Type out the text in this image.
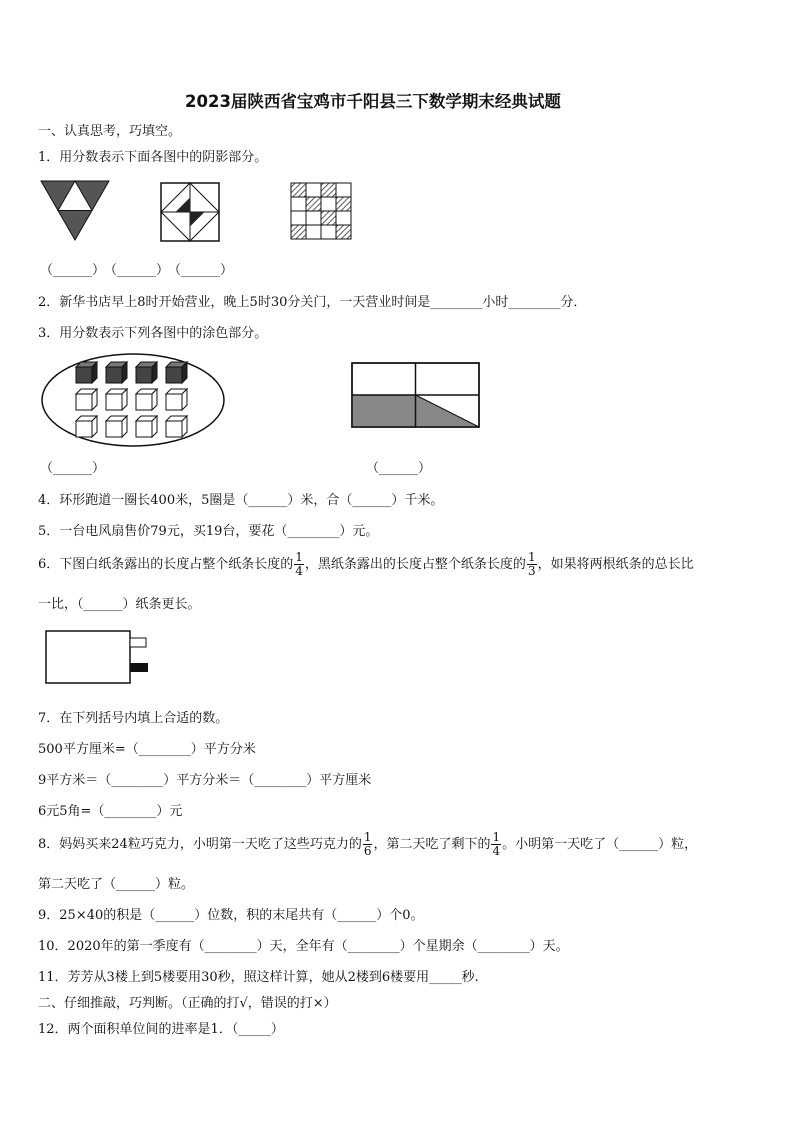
2023届陕西省宝鸡市千阳县三下数学期末经典试题
一、认真思考，巧填空。
1．用分数表示下面各图中的阴影部分。
（______）
（______）
（______）
2．新华书店早上8时开始营业，晚上5时30分关门，一天营业时间是________小时________分．
3．用分数表示下列各图中的涂色部分。
（______）	（______）
4．环形跑道一圈长400米，5圈是（______）米，合（______）千米。
5．一台电风扇售价79元，买19台，要花（________）元。
6．下图白纸条露出的长度占整个纸条长度的 $\frac{1}{4}$ ，黑纸条露出的长度占整个纸条长度的 $\frac{1}{3}$ ，如果将两根纸条的总长比
一比，（______）纸条更长。
7．在下列括号内填上合适的数。
500平方厘米=（________）平方分米
9平方米＝（________）平方分米＝（________）平方厘米
6元5角=（________）元
8．妈妈买来24粒巧克力，小明第一天吃了这些巧克力的 $\frac{1}{6}$ ，第二天吃了剩下的 $\frac{1}{4}$ 。小明第一天吃了（______）粒，
第二天吃了（______）粒。
9．25×40的积是（______）位数，积的末尾共有（______）个0。
10．2020年的第一季度有（________）天，全年有（________）个星期余（________）天。
11．芳芳从3楼上到5楼要用30秒，照这样计算，她从2楼到6楼要用_____秒.
二、仔细推敲，巧判断。（正确的打√，错误的打×）
12．两个面积单位间的进率是1．（_____）
